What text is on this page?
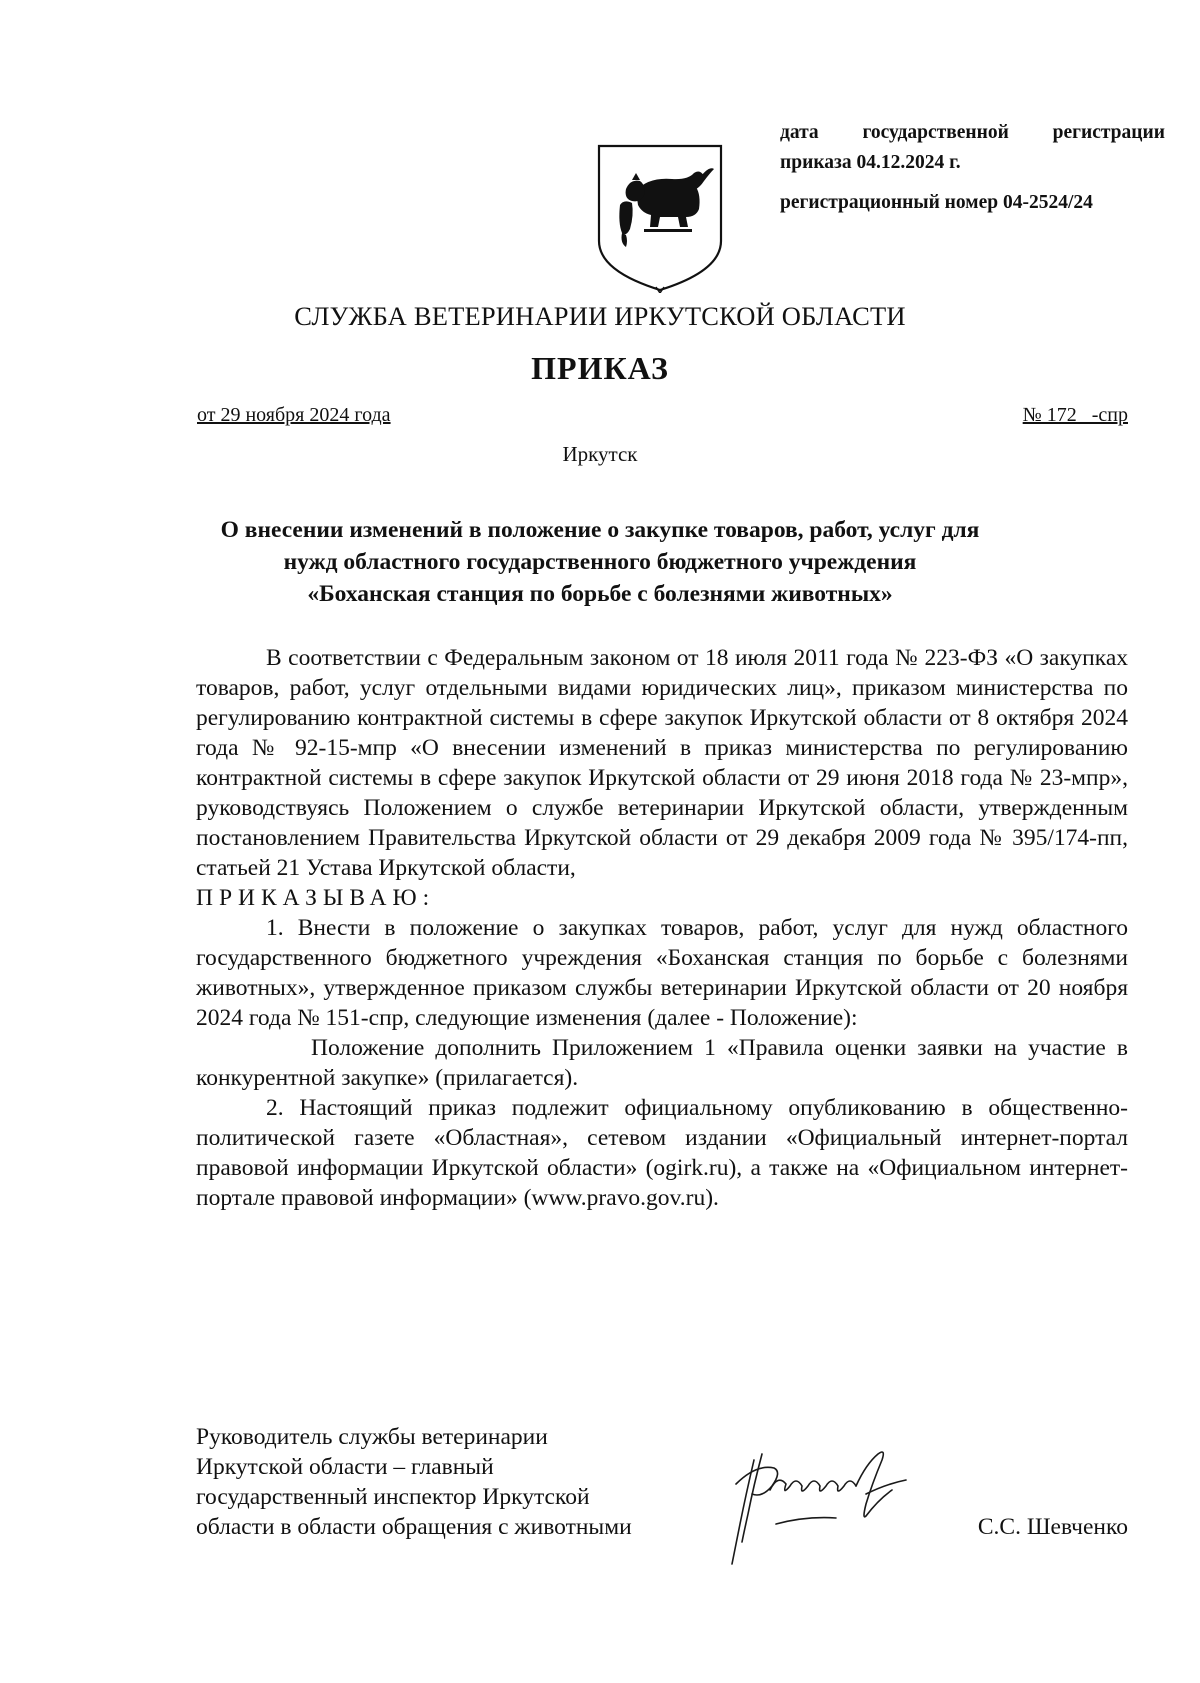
дата государственной регистрации
приказа 04.12.2024 г.
регистрационный номер 04-2524/24
СЛУЖБА ВЕТЕРИНАРИИ ИРКУТСКОЙ ОБЛАСТИ
ПРИКАЗ
от 29 ноября 2024 года	№ 172   -спр
Иркутск
О внесении изменений в положение о закупке товаров, работ, услуг для
нужд областного государственного бюджетного учреждения
«Боханская станция по борьбе с болезнями животных»

В соответствии с Федеральным законом от 18 июля 2011 года № 223-ФЗ «О закупках товаров, работ, услуг отдельными видами юридических лиц», приказом министерства по регулированию контрактной системы в сфере закупок Иркутской области от 8 октября 2024 года № 92-15-мпр «О внесении изменений в приказ министерства по регулированию контрактной системы в сфере закупок Иркутской области от 29 июня 2018 года № 23-мпр», руководствуясь Положением о службе ветеринарии Иркутской области, утвержденным постановлением Правительства Иркутской области от 29 декабря 2009 года № 395/174-пп, статьей 21 Устава Иркутской области,

ПРИКАЗЫВАЮ:

1. Внести в положение о закупках товаров, работ, услуг для нужд областного государственного бюджетного учреждения «Боханская станция по борьбе с болезнями животных», утвержденное приказом службы ветеринарии Иркутской области от 20 ноября 2024 года № 151-спр, следующие изменения (далее - Положение):

Положение дополнить Приложением 1 «Правила оценки заявки на участие в конкурентной закупке» (прилагается).

2. Настоящий приказ подлежит официальному опубликованию в общественно-политической газете «Областная», сетевом издании «Официальный интернет-портал правовой информации Иркутской области» (ogirk.ru), а также на «Официальном интернет-портале правовой информации» (www.pravo.gov.ru).

Руководитель службы ветеринарии
Иркутской области – главный
государственный инспектор Иркутской
области в области обращения с животными	С.С. Шевченко
